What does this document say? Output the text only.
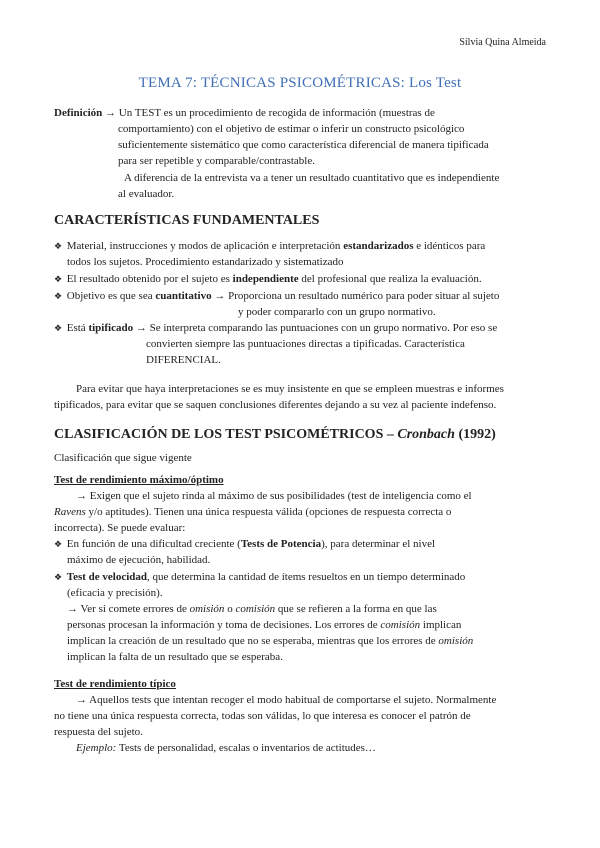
Silvia Quina Almeida
TEMA 7: TÉCNICAS PSICOMÉTRICAS: Los Test
Definición → Un TEST es un procedimiento de recogida de información (muestras de
comportamiento) con el objetivo de estimar o inferir un constructo psicológico
suficientemente sistemático que como característica diferencial de manera tipificada
para ser repetible y comparable/contrastable.
A diferencia de la entrevista va a tener un resultado cuantitativo que es independiente
al evaluador.
CARACTERÍSTICAS FUNDAMENTALES
❖ Material, instrucciones y modos de aplicación e interpretación estandarizados e idénticos para
todos los sujetos. Procedimiento estandarizado y sistematizado
❖ El resultado obtenido por el sujeto es independiente del profesional que realiza la evaluación.
❖ Objetivo es que sea cuantitativo → Proporciona un resultado numérico para poder situar al sujeto
y poder compararlo con un grupo normativo.
❖ Está tipificado → Se interpreta comparando las puntuaciones con un grupo normativo. Por eso se
convierten siempre las puntuaciones directas a tipificadas. Característica
DIFERENCIAL.
Para evitar que haya interpretaciones se es muy insistente en que se empleen muestras e informes
tipificados, para evitar que se saquen conclusiones diferentes dejando a su vez al paciente indefenso.
CLASIFICACIÓN DE LOS TEST PSICOMÉTRICOS – Cronbach (1992)
Clasificación que sigue vigente
Test de rendimiento máximo/óptimo
→ Exigen que el sujeto rinda al máximo de sus posibilidades (test de inteligencia como el
Ravens y/o aptitudes). Tienen una única respuesta válida (opciones de respuesta correcta o
incorrecta). Se puede evaluar:
❖ En función de una dificultad creciente (Tests de Potencia), para determinar el nivel
máximo de ejecución, habilidad.
❖ Test de velocidad, que determina la cantidad de ítems resueltos en un tiempo determinado
(eficacia y precisión).
→ Ver si comete errores de omisión o comisión que se refieren a la forma en que las
personas procesan la información y toma de decisiones. Los errores de comisión implican
implican la creación de un resultado que no se esperaba, mientras que los errores de omisión
implican la falta de un resultado que se esperaba.
Test de rendimiento típico
→ Aquellos tests que intentan recoger el modo habitual de comportarse el sujeto. Normalmente
no tiene una única respuesta correcta, todas son válidas, lo que interesa es conocer el patrón de
respuesta del sujeto.
Ejemplo: Tests de personalidad, escalas o inventarios de actitudes…
